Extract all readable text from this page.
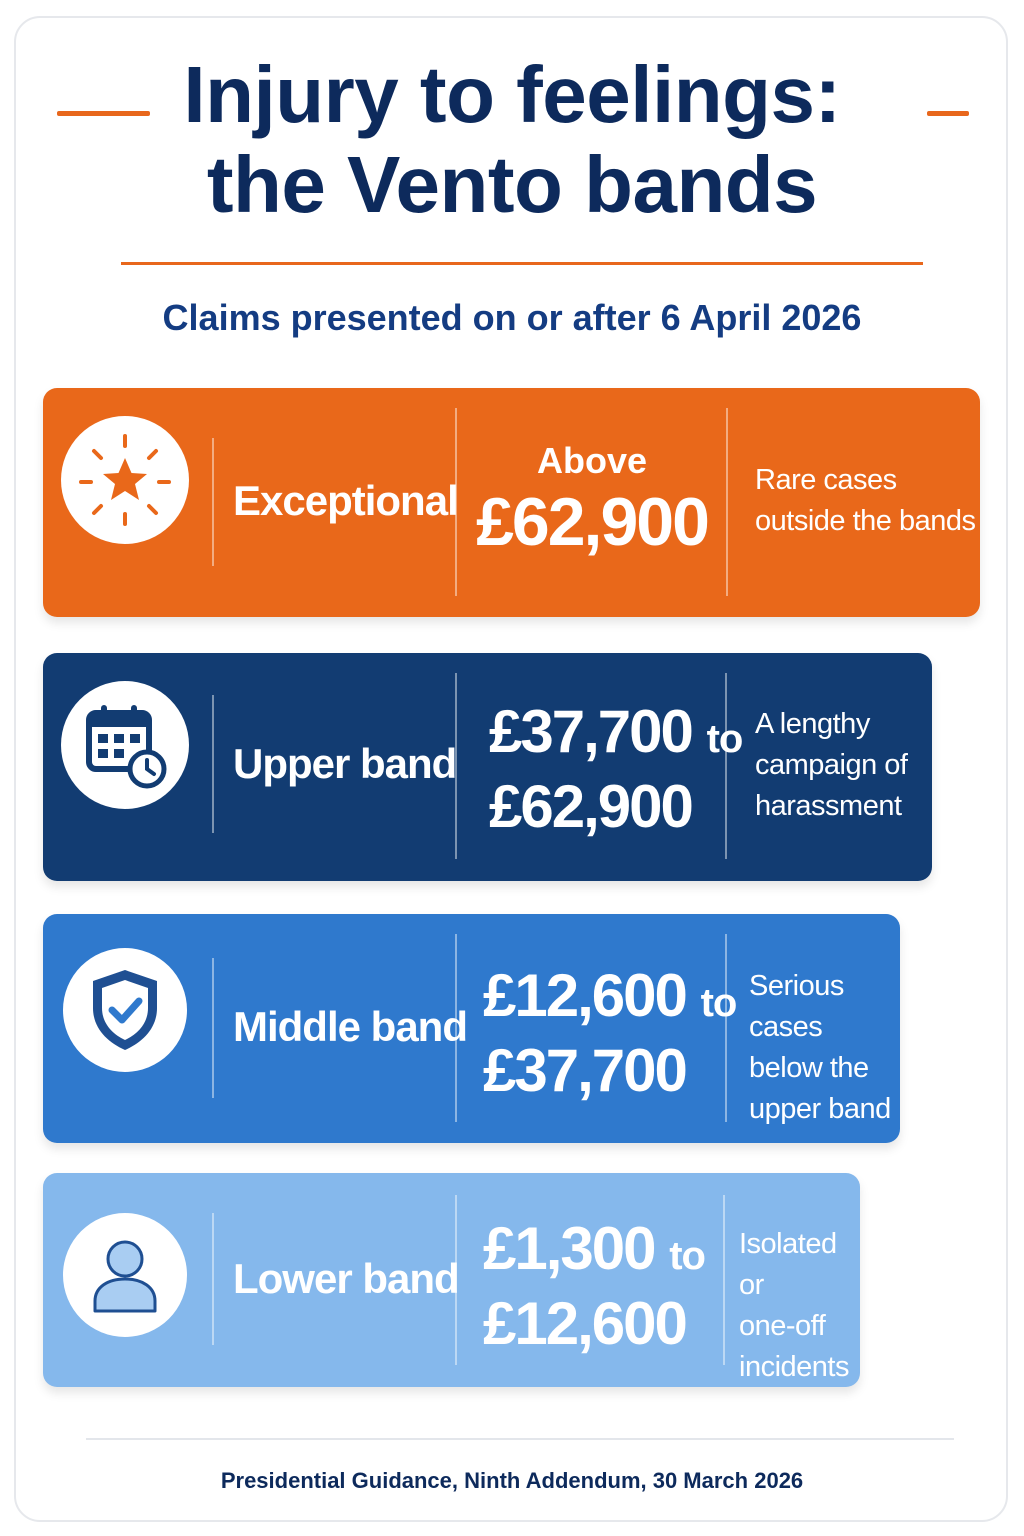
Injury to feelings:
the Vento bands

Claims presented on or after 6 April 2026

Exceptional
Above
£62,900
Rare cases
outside the bands
Upper band £37,700 to
£62,900
A lengthy
campaign of
harassment
Middle band £12,600 to
£37,700
Serious cases
below the
upper band
Lower band £1,300 to
£12,600
Isolated or
one-off
incidents

Presidential Guidance, Ninth Addendum, 30 March 2026
